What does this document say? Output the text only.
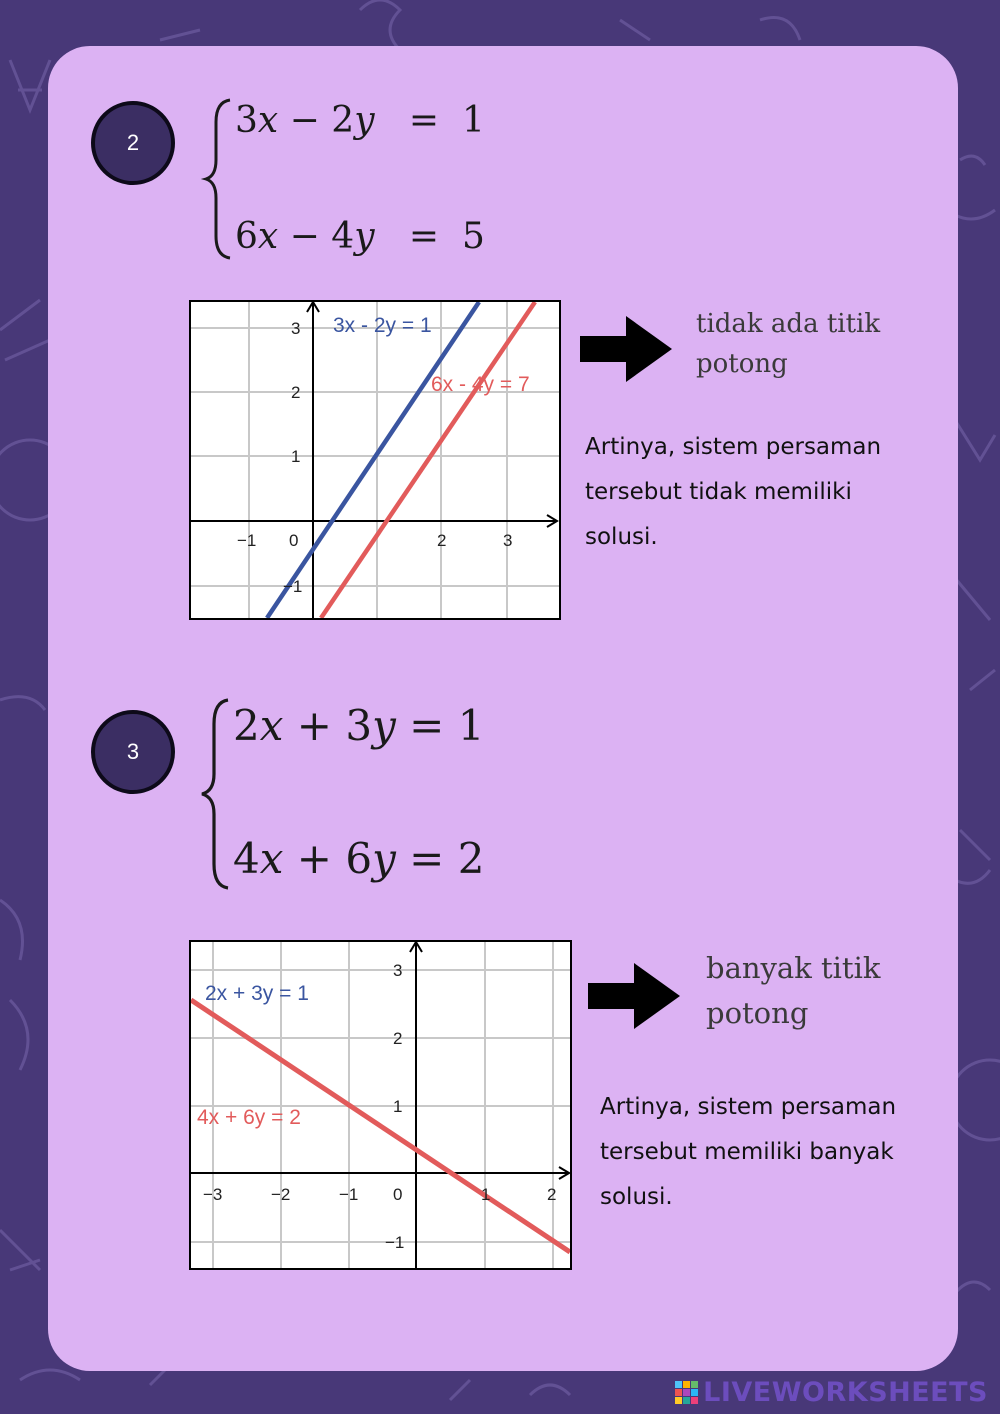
2
3x − 2y =  1
6x − 4y =  5
3
2
1
−1
−1 0	2	3
3x - 2y = 1
6x - 4y = 7
tidak ada titik
potong
Artinya, sistem persaman
tersebut tidak memiliki
solusi.
3
2x + 3y = 1
4x + 6y = 2
3
2
1
−1
−3	−2	−1 0	1	2
2x + 3y = 1
4x + 6y = 2
banyak titik
potong
Artinya, sistem persaman
tersebut memiliki banyak
solusi.
LIVEWORKSHEETS
